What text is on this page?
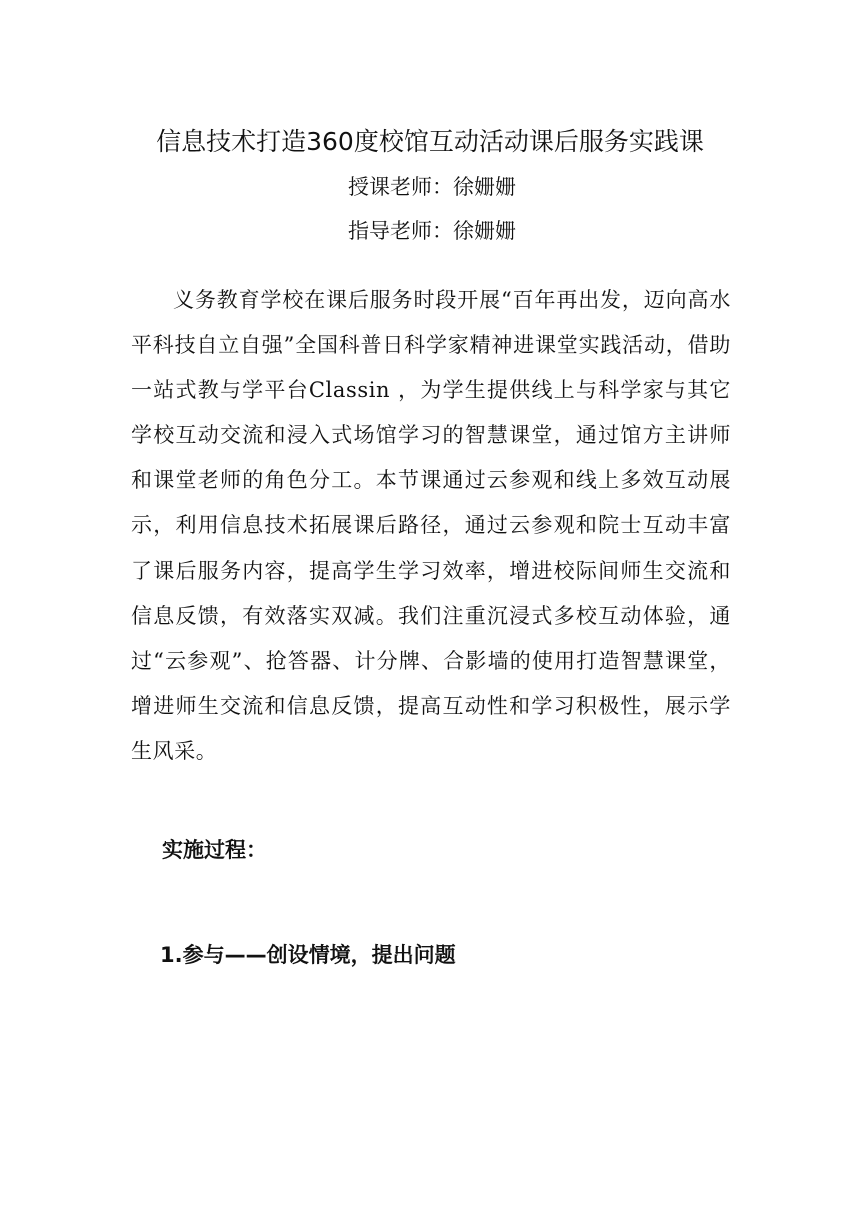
信息技术打造360度校馆互动活动课后服务实践课
授课老师：徐姗姗
指导老师：徐姗姗
义务教育学校在课后服务时段开展“百年再出发，迈向高水平科技自立自强”全国科普日科学家精神进课堂实践活动，借助一站式教与学平台Classin ，为学生提供线上与科学家与其它学校互动交流和浸入式场馆学习的智慧课堂，通过馆方主讲师和课堂老师的角色分工。本节课通过云参观和线上多效互动展示，利用信息技术拓展课后路径，通过云参观和院士互动丰富了课后服务内容，提高学生学习效率，增进校际间师生交流和信息反馈，有效落实双减。我们注重沉浸式多校互动体验，通过“云参观”、抢答器、计分牌、合影墙的使用打造智慧课堂，增进师生交流和信息反馈，提高互动性和学习积极性，展示学生风采。
实施过程：
1.参与——创设情境，提出问题
